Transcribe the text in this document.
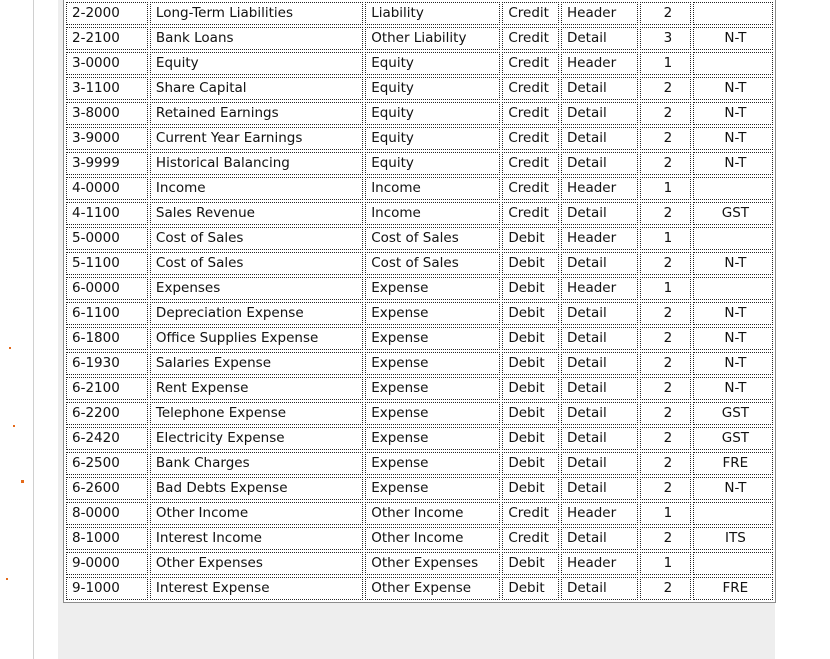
2-2000	Long-Term Liabilities	Liability	Credit	Header	2	
2-2100	Bank Loans	Other Liability	Credit	Detail	3	N-T
3-0000	Equity	Equity	Credit	Header	1	
3-1100	Share Capital	Equity	Credit	Detail	2	N-T
3-8000	Retained Earnings	Equity	Credit	Detail	2	N-T
3-9000	Current Year Earnings	Equity	Credit	Detail	2	N-T
3-9999	Historical Balancing	Equity	Credit	Detail	2	N-T
4-0000	Income	Income	Credit	Header	1	
4-1100	Sales Revenue	Income	Credit	Detail	2	GST
5-0000	Cost of Sales	Cost of Sales	Debit	Header	1	
5-1100	Cost of Sales	Cost of Sales	Debit	Detail	2	N-T
6-0000	Expenses	Expense	Debit	Header	1	
6-1100	Depreciation Expense	Expense	Debit	Detail	2	N-T
6-1800	Office Supplies Expense	Expense	Debit	Detail	2	N-T
6-1930	Salaries Expense	Expense	Debit	Detail	2	N-T
6-2100	Rent Expense	Expense	Debit	Detail	2	N-T
6-2200	Telephone Expense	Expense	Debit	Detail	2	GST
6-2420	Electricity Expense	Expense	Debit	Detail	2	GST
6-2500	Bank Charges	Expense	Debit	Detail	2	FRE
6-2600	Bad Debts Expense	Expense	Debit	Detail	2	N-T
8-0000	Other Income	Other Income	Credit	Header	1	
8-1000	Interest Income	Other Income	Credit	Detail	2	ITS
9-0000	Other Expenses	Other Expenses	Debit	Header	1	
9-1000	Interest Expense	Other Expense	Debit	Detail	2	FRE
